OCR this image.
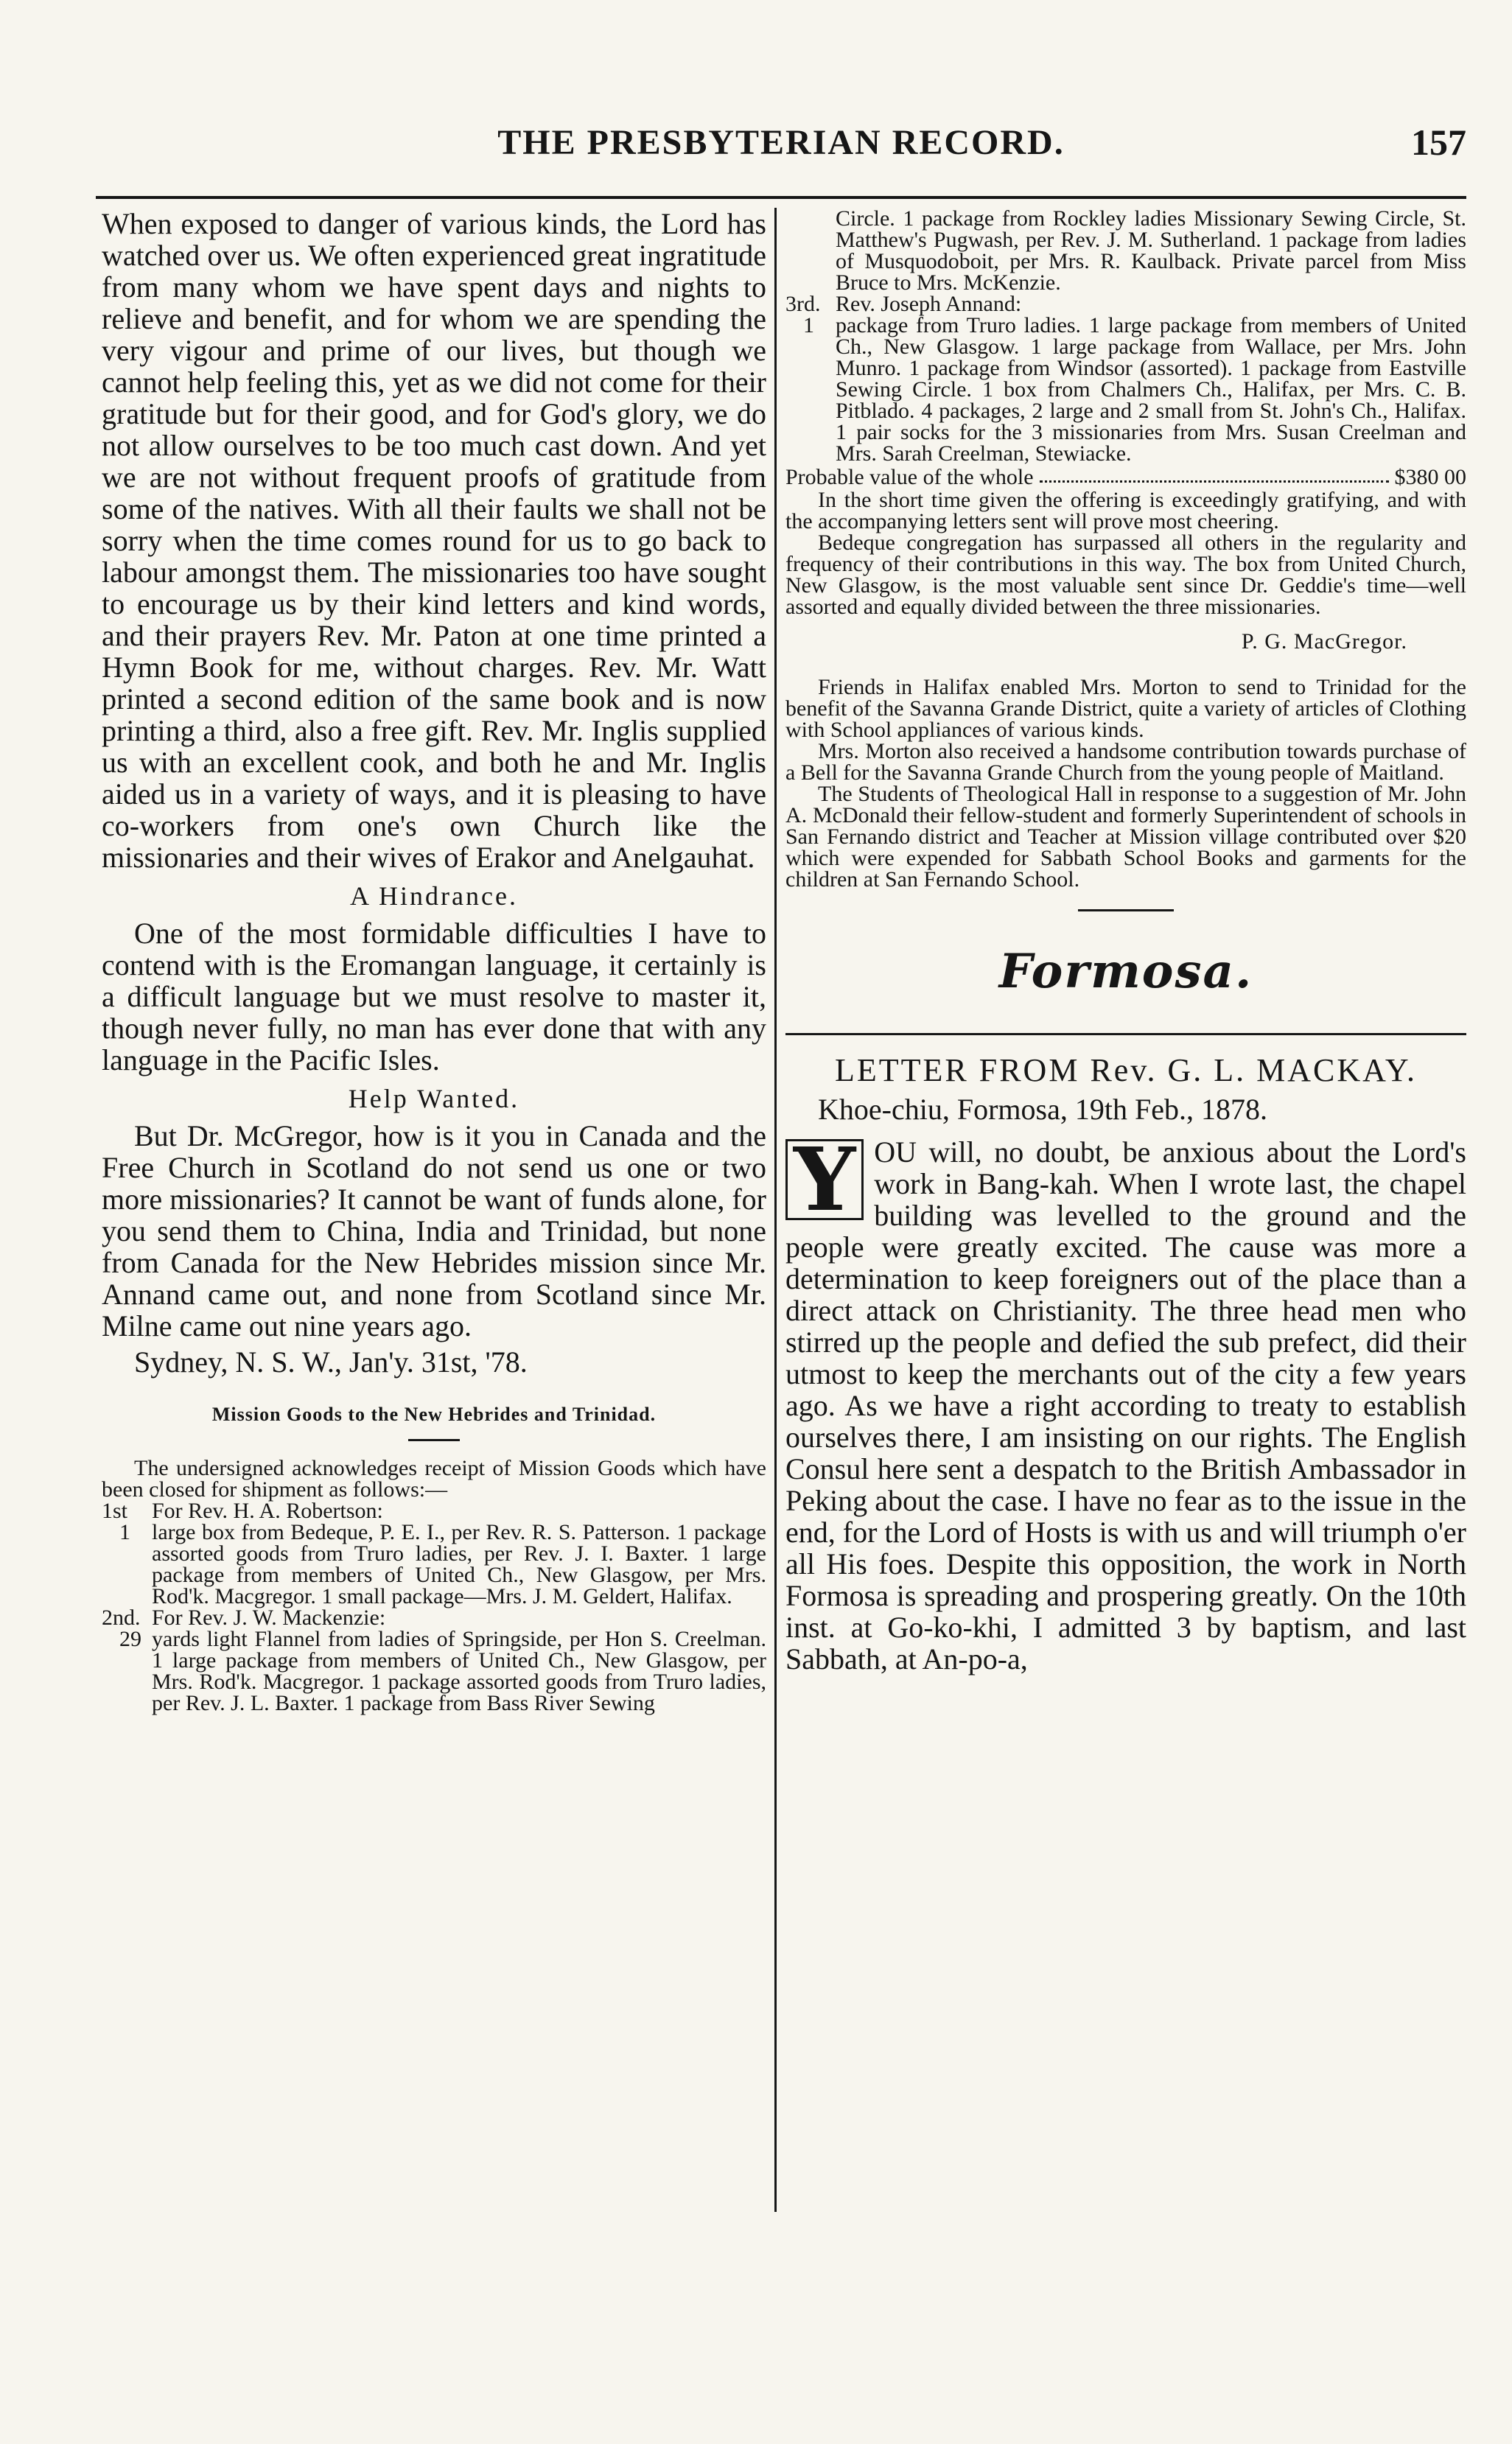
THE PRESBYTERIAN RECORD.	157

When exposed to danger of various kinds, the Lord has watched over us. We often experienced great ingratitude from many whom we have spent days and nights to relieve and benefit, and for whom we are spending the very vigour and prime of our lives, but though we cannot help feeling this, yet as we did not come for their gratitude but for their good, and for God's glory, we do not allow ourselves to be too much cast down. And yet we are not without frequent proofs of gratitude from some of the natives. With all their faults we shall not be sorry when the time comes round for us to go back to labour amongst them. The missionaries too have sought to encourage us by their kind letters and kind words, and their prayers Rev. Mr. Paton at one time printed a Hymn Book for me, without charges. Rev. Mr. Watt printed a second edition of the same book and is now printing a third, also a free gift. Rev. Mr. Inglis supplied us with an excellent cook, and both he and Mr. Inglis aided us in a variety of ways, and it is pleasing to have co-workers from one's own Church like the missionaries and their wives of Erakor and Anelgauhat.

A Hindrance.

One of the most formidable difficulties I have to contend with is the Eromangan language, it certainly is a difficult language but we must resolve to master it, though never fully, no man has ever done that with any language in the Pacific Isles.

Help Wanted.

But Dr. McGregor, how is it you in Canada and the Free Church in Scotland do not send us one or two more missionaries? It cannot be want of funds alone, for you send them to China, India and Trinidad, but none from Canada for the New Hebrides mission since Mr. Annand came out, and none from Scotland since Mr. Milne came out nine years ago.

Sydney, N. S. W., Jan'y. 31st, '78.

Mission Goods to the New Hebrides and Trinidad.

The undersigned acknowledges receipt of Mission Goods which have been closed for shipment as follows:—

1st	For Rev. H. A. Robertson:
1 large box from Bedeque, P. E. I., per Rev. R. S. Patterson. 1 package assorted goods from Truro ladies, per Rev. J. I. Baxter. 1 large package from members of United Ch., New Glasgow, per Mrs. Rod'k. Macgregor. 1 small package—Mrs. J. M. Geldert, Halifax.
2nd. For Rev. J. W. Mackenzie:
29 yards light Flannel from ladies of Springside, per Hon S. Creelman. 1 large package from members of United Ch., New Glasgow, per Mrs. Rod'k. Macgregor. 1 package assorted goods from Truro ladies, per Rev. J. L. Baxter. 1 package from Bass River Sewing

Circle. 1 package from Rockley ladies Missionary Sewing Circle, St. Matthew's Pugwash, per Rev. J. M. Sutherland. 1 package from ladies of Musquodoboit, per Mrs. R. Kaulback. Private parcel from Miss Bruce to Mrs. McKenzie.

3rd. Rev. Joseph Annand:
1 package from Truro ladies. 1 large package from members of United Ch., New Glasgow. 1 large package from Wallace, per Mrs. John Munro. 1 package from Windsor (assorted). 1 package from Eastville Sewing Circle. 1 box from Chalmers Ch., Halifax, per Mrs. C. B. Pitblado. 4 packages, 2 large and 2 small from St. John's Ch., Halifax. 1 pair socks for the 3 missionaries from Mrs. Susan Creelman and Mrs. Sarah Creelman, Stewiacke.
Probable value of the whole	$380 00

In the short time given the offering is exceedingly gratifying, and with the accompanying letters sent will prove most cheering.

Bedeque congregation has surpassed all others in the regularity and frequency of their contributions in this way. The box from United Church, New Glasgow, is the most valuable sent since Dr. Geddie's time—well assorted and equally divided between the three missionaries.

P. G. MacGregor.

Friends in Halifax enabled Mrs. Morton to send to Trinidad for the benefit of the Savanna Grande District, quite a variety of articles of Clothing with School appliances of various kinds.

Mrs. Morton also received a handsome contribution towards purchase of a Bell for the Savanna Grande Church from the young people of Maitland.

The Students of Theological Hall in response to a suggestion of Mr. John A. McDonald their fellow-student and formerly Superintendent of schools in San Fernando district and Teacher at Mission village contributed over $20 which were expended for Sabbath School Books and garments for the children at San Fernando School.

Formosa.
LETTER FROM Rev. G. L. MACKAY.

Khoe-chiu, Formosa, 19th Feb., 1878.

Y OU will, no doubt, be anxious about the Lord's work in Bang-kah. When I wrote last, the chapel building was levelled to the ground and the people were greatly excited. The cause was more a determination to keep foreigners out of the place than a direct attack on Christianity. The three head men who stirred up the people and defied the sub prefect, did their utmost to keep the merchants out of the city a few years ago. As we have a right according to treaty to establish ourselves there, I am insisting on our rights. The English Consul here sent a despatch to the British Ambassador in Peking about the case. I have no fear as to the issue in the end, for the Lord of Hosts is with us and will triumph o'er all His foes. Despite this opposition, the work in North Formosa is spreading and prospering greatly. On the 10th inst. at Go-ko-khi, I admitted 3 by baptism, and last Sabbath, at An-po-a,
